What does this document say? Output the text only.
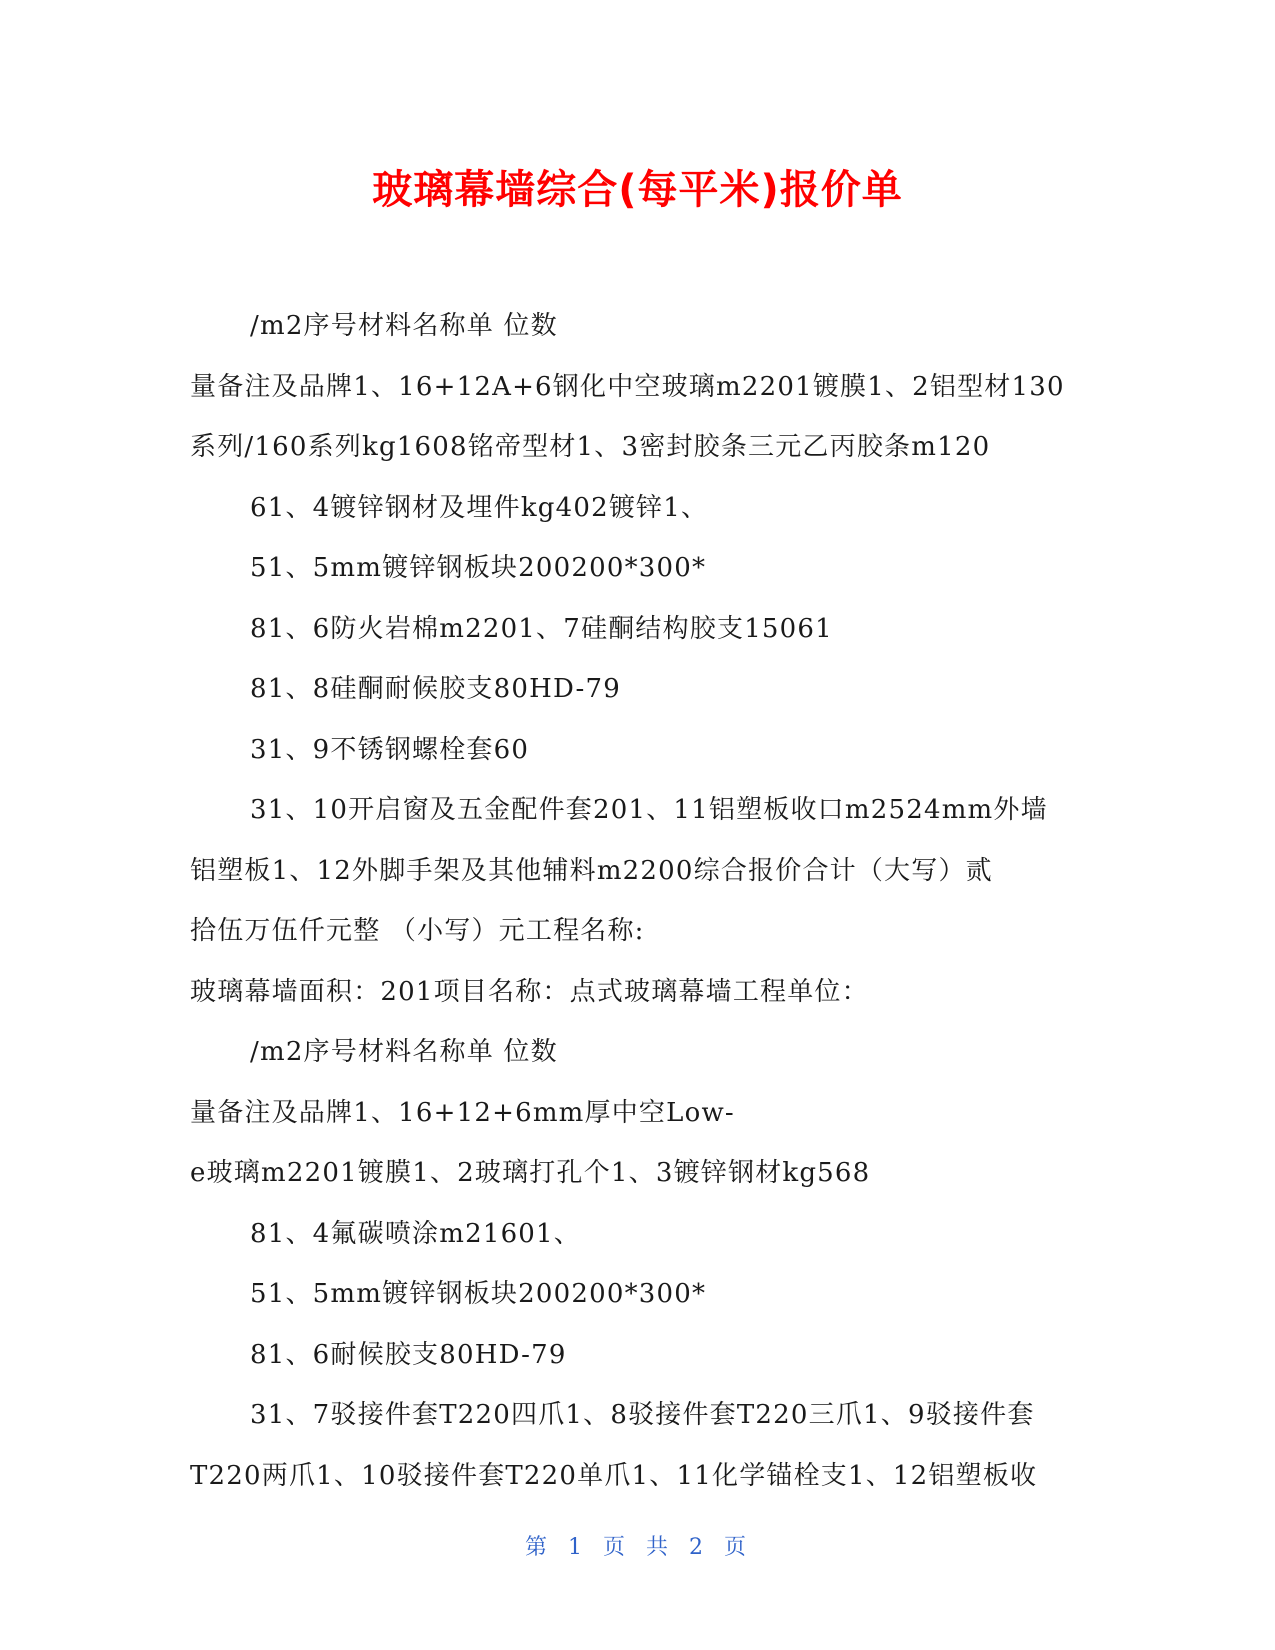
玻璃幕墙综合(每平米)报价单

/m2序号材料名称单 位数

量备注及品牌1、16+12A+6钢化中空玻璃m2201镀膜1、2铝型材130

系列/160系列kg1608铭帝型材1、3密封胶条三元乙丙胶条m120

61、4镀锌钢材及埋件kg402镀锌1、

51、5mm镀锌钢板块200200*300*

81、6防火岩棉m2201、7硅酮结构胶支15061

81、8硅酮耐候胶支80HD-79

31、9不锈钢螺栓套60

31、10开启窗及五金配件套201、11铝塑板收口m2524mm外墙

铝塑板1、12外脚手架及其他辅料m2200综合报价合计（大写）贰

拾伍万伍仟元整 （小写）元工程名称:

玻璃幕墙面积：201项目名称：点式玻璃幕墙工程单位：

/m2序号材料名称单 位数

量备注及品牌1、16+12+6mm厚中空Low-

e玻璃m2201镀膜1、2玻璃打孔个1、3镀锌钢材kg568

81、4氟碳喷涂m21601、

51、5mm镀锌钢板块200200*300*

81、6耐候胶支80HD-79

31、7驳接件套T220四爪1、8驳接件套T220三爪1、9驳接件套

T220两爪1、10驳接件套T220单爪1、11化学锚栓支1、12铝塑板收

第 1 页 共 2 页
